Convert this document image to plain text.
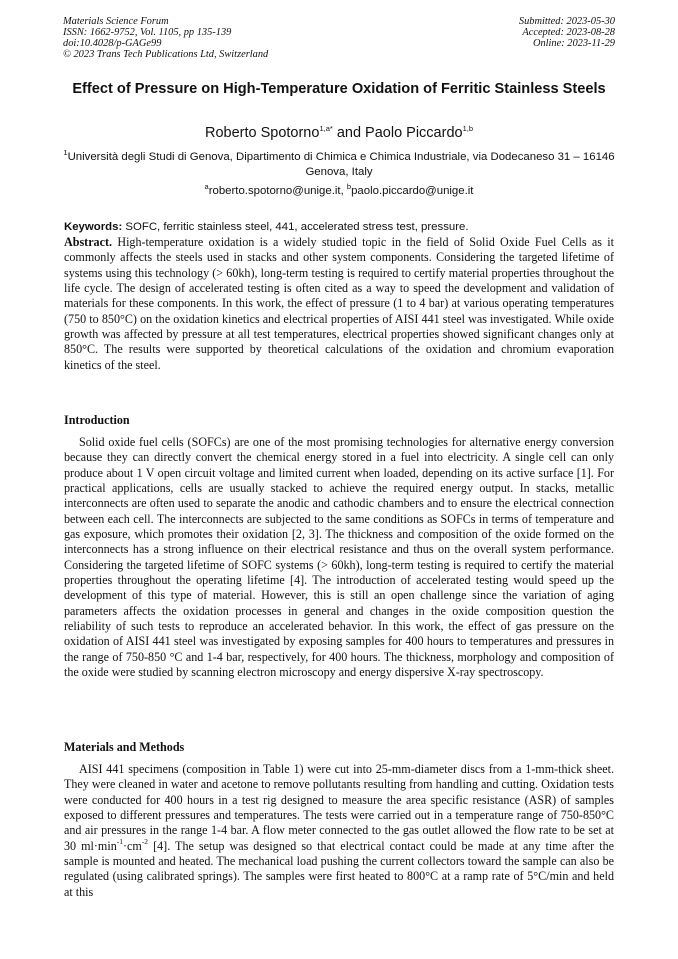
Materials Science Forum
ISSN: 1662-9752, Vol. 1105, pp 135-139
doi:10.4028/p-GAGe99
© 2023 Trans Tech Publications Ltd, Switzerland
Submitted: 2023-05-30
Accepted: 2023-08-28
Online: 2023-11-29
Effect of Pressure on High-Temperature Oxidation of Ferritic Stainless Steels
Roberto Spotorno$^{1,a*}$ and Paolo Piccardo$^{1,b}$
$^1$Università degli Studi di Genova, Dipartimento di Chimica e Chimica Industriale, via Dodecaneso 31 – 16146 Genova, Italy
$^a$roberto.spotorno@unige.it, $^b$paolo.piccardo@unige.it
Keywords: SOFC, ferritic stainless steel, 441, accelerated stress test, pressure.
Abstract. High-temperature oxidation is a widely studied topic in the field of Solid Oxide Fuel Cells as it commonly affects the steels used in stacks and other system components. Considering the targeted lifetime of systems using this technology (> 60kh), long-term testing is required to certify material properties throughout the life cycle. The design of accelerated testing is often cited as a way to speed the development and validation of materials for these components. In this work, the effect of pressure (1 to 4 bar) at various operating temperatures (750 to 850°C) on the oxidation kinetics and electrical properties of AISI 441 steel was investigated. While oxide growth was affected by pressure at all test temperatures, electrical properties showed significant changes only at 850°C. The results were supported by theoretical calculations of the oxidation and chromium evaporation kinetics of the steel.
Introduction
Solid oxide fuel cells (SOFCs) are one of the most promising technologies for alternative energy conversion because they can directly convert the chemical energy stored in a fuel into electricity. A single cell can only produce about 1 V open circuit voltage and limited current when loaded, depending on its active surface [1]. For practical applications, cells are usually stacked to achieve the required energy output. In stacks, metallic interconnects are often used to separate the anodic and cathodic chambers and to ensure the electrical connection between each cell. The interconnects are subjected to the same conditions as SOFCs in terms of temperature and gas exposure, which promotes their oxidation [2, 3]. The thickness and composition of the oxide formed on the interconnects has a strong influence on their electrical resistance and thus on the overall system performance. Considering the targeted lifetime of SOFC systems (> 60kh), long-term testing is required to certify the material properties throughout the operating lifetime [4]. The introduction of accelerated testing would speed up the development of this type of material. However, this is still an open challenge since the variation of aging parameters affects the oxidation processes in general and changes in the oxide composition question the reliability of such tests to reproduce an accelerated behavior. In this work, the effect of gas pressure on the oxidation of AISI 441 steel was investigated by exposing samples for 400 hours to temperatures and pressures in the range of 750-850 °C and 1-4 bar, respectively, for 400 hours. The thickness, morphology and composition of the oxide were studied by scanning electron microscopy and energy dispersive X-ray spectroscopy.
Materials and Methods
AISI 441 specimens (composition in Table 1) were cut into 25-mm-diameter discs from a 1-mm-thick sheet. They were cleaned in water and acetone to remove pollutants resulting from handling and cutting. Oxidation tests were conducted for 400 hours in a test rig designed to measure the area specific resistance (ASR) of samples exposed to different pressures and temperatures. The tests were carried out in a temperature range of 750-850°C and air pressures in the range 1-4 bar. A flow meter connected to the gas outlet allowed the flow rate to be set at 30 $ml\cdot\min^{-1}\cdot cm^{-2}$ [4]. The setup was designed so that electrical contact could be made at any time after the sample is mounted and heated. The mechanical load pushing the current collectors toward the sample can also be regulated (using calibrated springs). The samples were first heated to 800°C at a ramp rate of 5°C/min and held at this
